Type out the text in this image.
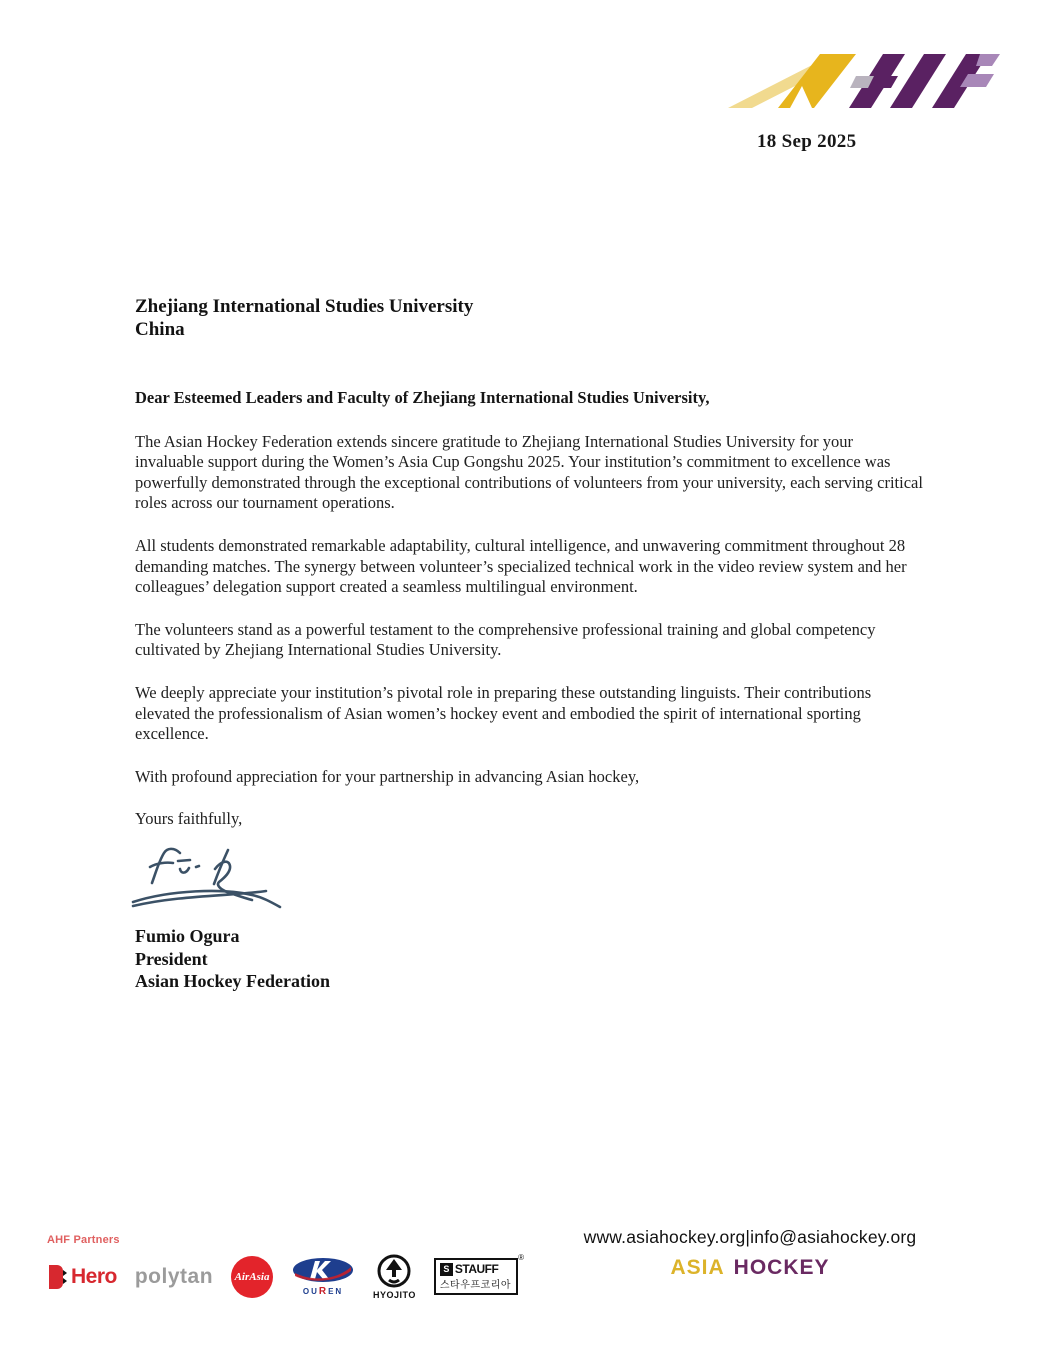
18 Sep 2025
Zhejiang International Studies University
China
Dear Esteemed Leaders and Faculty of Zhejiang International Studies University,

The Asian Hockey Federation extends sincere gratitude to Zhejiang International Studies University for your invaluable support during the Women’s Asia Cup Gongshu 2025. Your institution’s commitment to excellence was powerfully demonstrated through the exceptional contributions of volunteers from your university, each serving critical roles across our tournament operations.

All students demonstrated remarkable adaptability, cultural intelligence, and unwavering commitment throughout 28 demanding matches. The synergy between volunteer’s specialized technical work in the video review system and her colleagues’ delegation support created a seamless multilingual environment.

The volunteers stand as a powerful testament to the comprehensive professional training and global competency cultivated by Zhejiang International Studies University.

We deeply appreciate your institution’s pivotal role in preparing these outstanding linguists. Their contributions elevated the professionalism of Asian women’s hockey event and embodied the spirit of international sporting excellence.

With profound appreciation for your partnership in advancing Asian hockey,

Yours faithfully,

Fumio Ogura
President
Asian Hockey Federation
AHF Partners
Hero polytan AirAsia
OUREN	HYOJITO
®
S STAUFF
스타우프코리아
www.asiahockey.org|info@asiahockey.org
ASIA HOCKEY
